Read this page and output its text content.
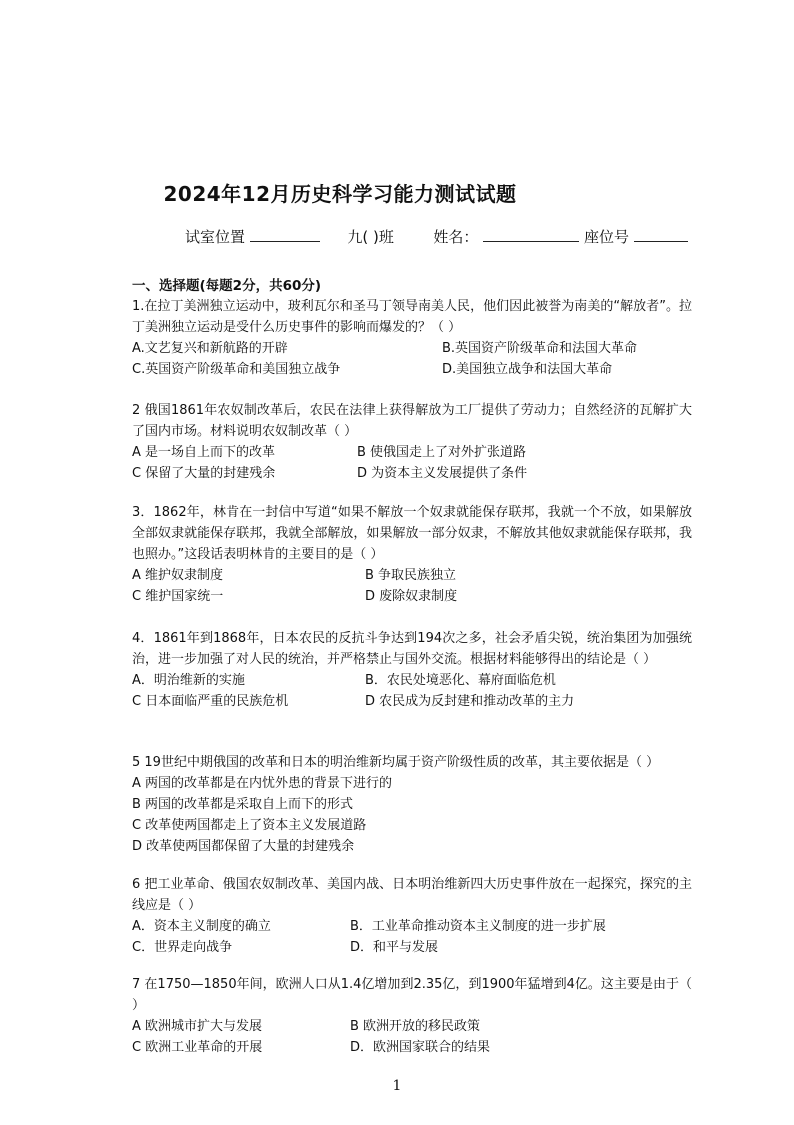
2024年12月历史科学习能力测试试题
试室位置	九( )班	姓名：	座位号
一、选择题(每题2分，共60分)

1.在拉丁美洲独立运动中，玻利瓦尔和圣马丁领导南美人民，他们因此被誉为南美的“解放者”。拉丁美洲独立运动是受什么历史事件的影响而爆发的？（ ）

A.文艺复兴和新航路的开辟	B.英国资产阶级革命和法国大革命
C.英国资产阶级革命和美国独立战争	D.美国独立战争和法国大革命

2 俄国1861年农奴制改革后，农民在法律上获得解放为工厂提供了劳动力；自然经济的瓦解扩大了国内市场。材料说明农奴制改革（ ）

A 是一场自上而下的改革	B 使俄国走上了对外扩张道路
C 保留了大量的封建残余	D 为资本主义发展提供了条件

3．1862年，林肯在一封信中写道“如果不解放一个奴隶就能保存联邦，我就一个不放，如果解放全部奴隶就能保存联邦，我就全部解放，如果解放一部分奴隶，不解放其他奴隶就能保存联邦，我也照办。”这段话表明林肯的主要目的是（ ）

A 维护奴隶制度	B 争取民族独立
C 维护国家统一	D 废除奴隶制度

4．1861年到1868年，日本农民的反抗斗争达到194次之多，社会矛盾尖锐，统治集团为加强统治，进一步加强了对人民的统治，并严格禁止与国外交流。根据材料能够得出的结论是（ ）

A．明治维新的实施	B．农民处境恶化、幕府面临危机
C 日本面临严重的民族危机	D 农民成为反封建和推动改革的主力

5 19世纪中期俄国的改革和日本的明治维新均属于资产阶级性质的改革，其主要依据是（ ）

A 两国的改革都是在内忧外患的背景下进行的
B 两国的改革都是采取自上而下的形式
C 改革使两国都走上了资本主义发展道路
D 改革使两国都保留了大量的封建残余

6 把工业革命、俄国农奴制改革、美国内战、日本明治维新四大历史事件放在一起探究，探究的主线应是（ ）

A．资本主义制度的确立	B．工业革命推动资本主义制度的进一步扩展
C．世界走向战争	D．和平与发展

7 在1750—1850年间，欧洲人口从1.4亿增加到2.35亿，到1900年猛增到4亿。这主要是由于（ ）

A 欧洲城市扩大与发展	B 欧洲开放的移民政策
C 欧洲工业革命的开展	D．欧洲国家联合的结果
1
